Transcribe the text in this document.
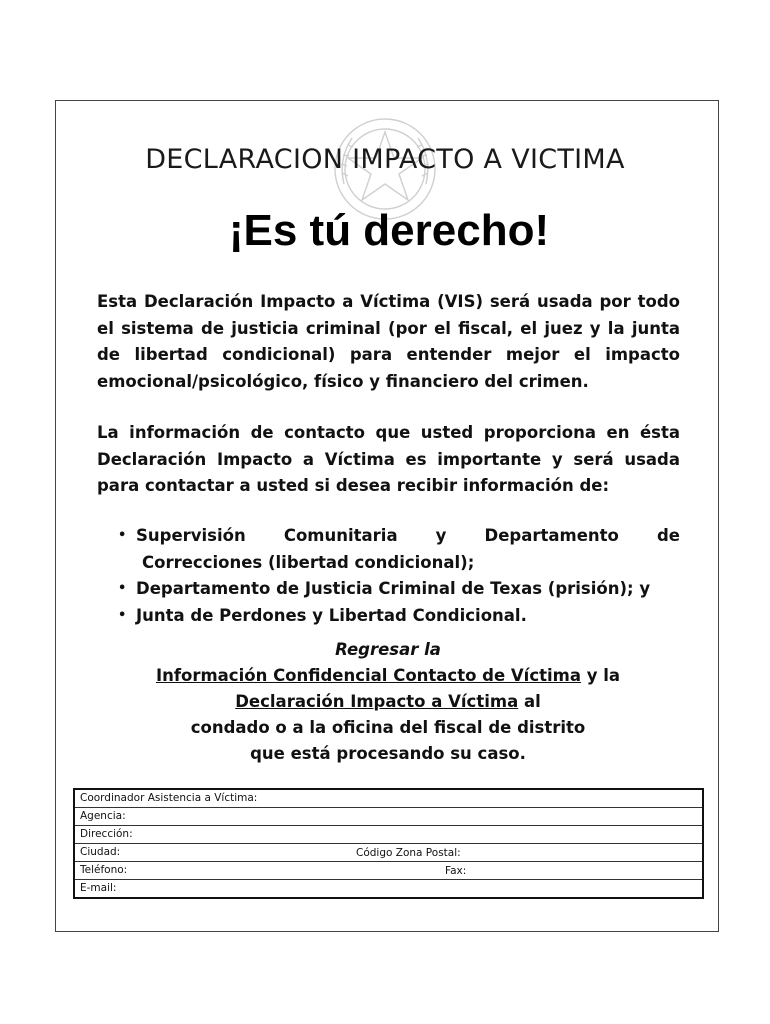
DECLARACION IMPACTO A VICTIMA
¡Es tú derecho!

Esta Declaración Impacto a Víctima (VIS) será usada por todo el sistema de justicia criminal (por el fiscal, el juez y la junta de libertad condicional) para entender mejor el impacto emocional/psicológico, físico y financiero del crimen.

La información de contacto que usted proporciona en ésta Declaración Impacto a Víctima es importante y será usada para contactar a usted si desea recibir información de:

• Supervisión Comunitaria y Departamento de
Correcciones (libertad condicional);
• Departamento de Justicia Criminal de Texas (prisión); y
• Junta de Perdones y Libertad Condicional.
Regresar la
Información Confidencial Contacto de Víctima y la
Declaración Impacto a Víctima al
condado o a la oficina del fiscal de distrito
que está procesando su caso.
Coordinador Asistencia a Víctima:

Agencia:

Dirección:

Ciudad:	Código Zona Postal:

Teléfono:	Fax:

E-mail:
